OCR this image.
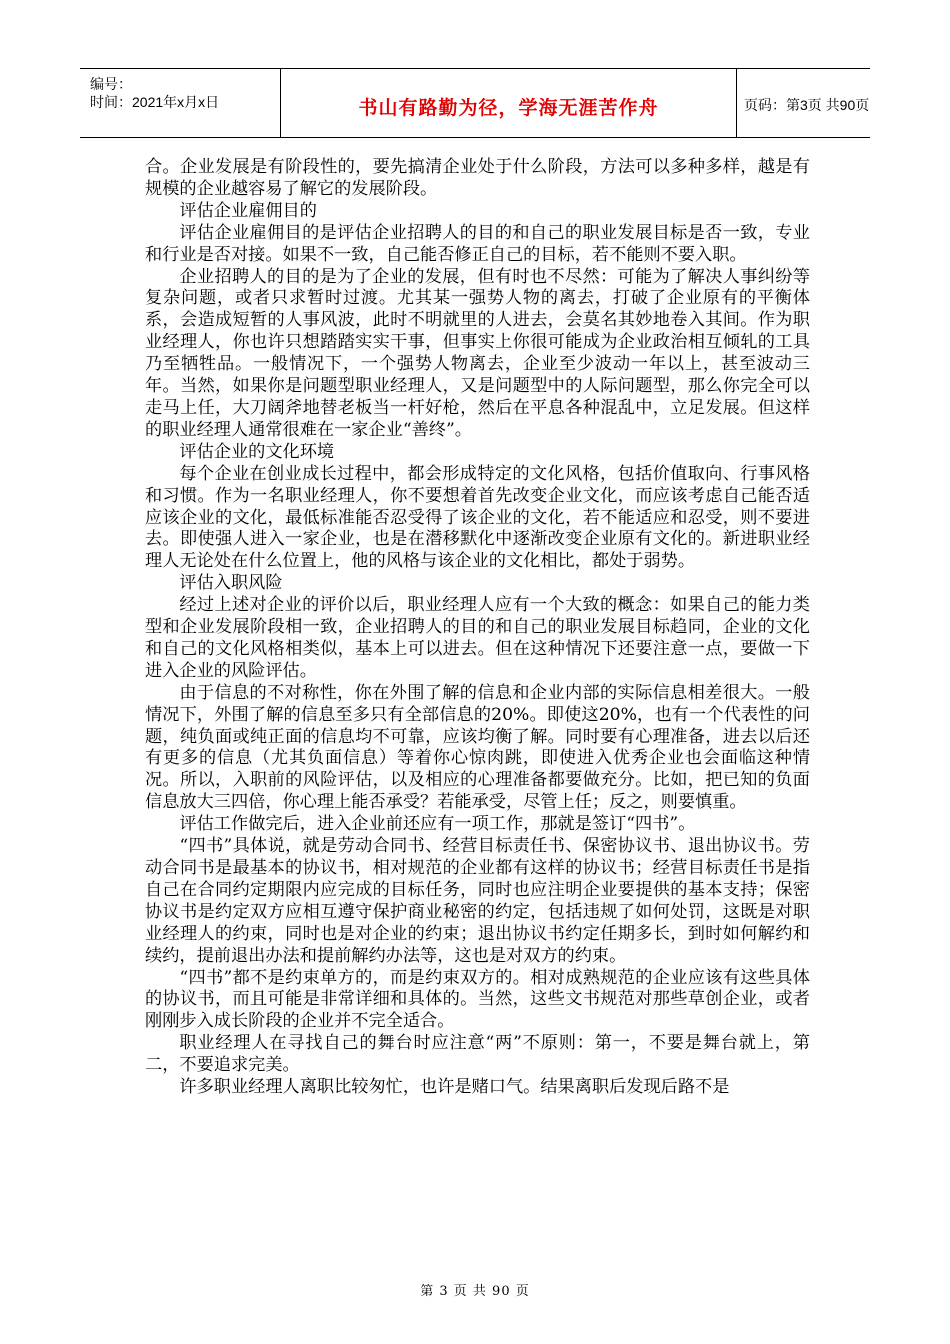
编号：
时间：2021年x月x日	书山有路勤为径，学海无涯苦作舟	页码：第3页 共90页

合。企业发展是有阶段性的，要先搞清企业处于什么阶段，方法可以多种多样，越是有规模的企业越容易了解它的发展阶段。

评估企业雇佣目的

评估企业雇佣目的是评估企业招聘人的目的和自己的职业发展目标是否一致，专业和行业是否对接。如果不一致，自己能否修正自己的目标，若不能则不要入职。

企业招聘人的目的是为了企业的发展，但有时也不尽然：可能为了解决人事纠纷等复杂问题，或者只求暂时过渡。尤其某一强势人物的离去，打破了企业原有的平衡体系，会造成短暂的人事风波，此时不明就里的人进去，会莫名其妙地卷入其间。作为职业经理人，你也许只想踏踏实实干事，但事实上你很可能成为企业政治相互倾轧的工具乃至牺牲品。一般情况下，一个强势人物离去，企业至少波动一年以上，甚至波动三年。当然，如果你是问题型职业经理人，又是问题型中的人际问题型，那么你完全可以走马上任，大刀阔斧地替老板当一杆好枪，然后在平息各种混乱中，立足发展。但这样的职业经理人通常很难在一家企业“善终”。

评估企业的文化环境

每个企业在创业成长过程中，都会形成特定的文化风格，包括价值取向、行事风格和习惯。作为一名职业经理人，你不要想着首先改变企业文化，而应该考虑自己能否适应该企业的文化，最低标准能否忍受得了该企业的文化，若不能适应和忍受，则不要进去。即使强人进入一家企业，也是在潜移默化中逐渐改变企业原有文化的。新进职业经理人无论处在什么位置上，他的风格与该企业的文化相比，都处于弱势。

评估入职风险

经过上述对企业的评价以后，职业经理人应有一个大致的概念：如果自己的能力类型和企业发展阶段相一致，企业招聘人的目的和自己的职业发展目标趋同，企业的文化和自己的文化风格相类似，基本上可以进去。但在这种情况下还要注意一点，要做一下进入企业的风险评估。

由于信息的不对称性，你在外围了解的信息和企业内部的实际信息相差很大。一般情况下，外围了解的信息至多只有全部信息的20%。即使这20%，也有一个代表性的问题，纯负面或纯正面的信息均不可靠，应该均衡了解。同时要有心理准备，进去以后还有更多的信息（尤其负面信息）等着你心惊肉跳，即使进入优秀企业也会面临这种情况。所以，入职前的风险评估，以及相应的心理准备都要做充分。比如，把已知的负面信息放大三四倍，你心理上能否承受？若能承受，尽管上任；反之，则要慎重。

评估工作做完后，进入企业前还应有一项工作，那就是签订“四书”。

“四书”具体说，就是劳动合同书、经营目标责任书、保密协议书、退出协议书。劳动合同书是最基本的协议书，相对规范的企业都有这样的协议书；经营目标责任书是指自己在合同约定期限内应完成的目标任务，同时也应注明企业要提供的基本支持；保密协议书是约定双方应相互遵守保护商业秘密的约定，包括违规了如何处罚，这既是对职业经理人的约束，同时也是对企业的约束；退出协议书约定任期多长，到时如何解约和续约，提前退出办法和提前解约办法等，这也是对双方的约束。

“四书”都不是约束单方的，而是约束双方的。相对成熟规范的企业应该有这些具体的协议书，而且可能是非常详细和具体的。当然，这些文书规范对那些草创企业，或者刚刚步入成长阶段的企业并不完全适合。

职业经理人在寻找自己的舞台时应注意“两”不原则：第一，不要是舞台就上，第二，不要追求完美。

许多职业经理人离职比较匆忙，也许是赌口气。结果离职后发现后路不是

第 3 页 共 90 页
